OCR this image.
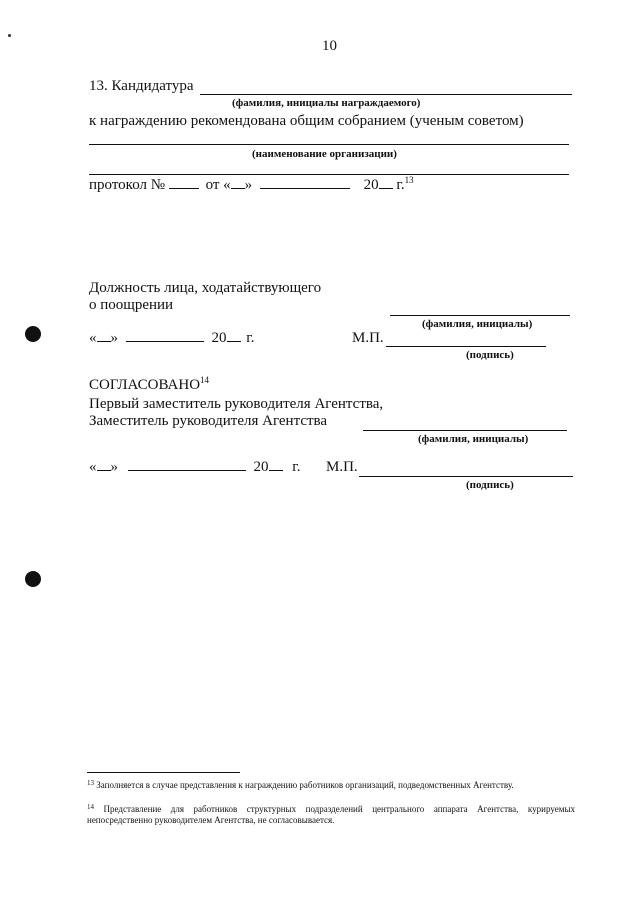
10
13. Кандидатура
(фамилия, инициалы награждаемого)
к награждению рекомендована общим собранием (ученым советом)
(наименование организации)
протокол №	от « »	20 г.$^{13}$
Должность лица, ходатайствующего
о поощрении
(фамилия, инициалы)
« »	20 г.	М.П.
(подпись)
СОГЛАСОВАНО$^{14}$
Первый заместитель руководителя Агентства,
Заместитель руководителя Агентства
(фамилия, инициалы)
« »	20 г. М.П.
(подпись)
$^{13}$ Заполняется в случае представления к награждению работников организаций, подведомственных Агентству.
$^{14}$ Представление для работников структурных подразделений центрального аппарата Агентства, курируемых непосредственно руководителем Агентства, не согласовывается.
